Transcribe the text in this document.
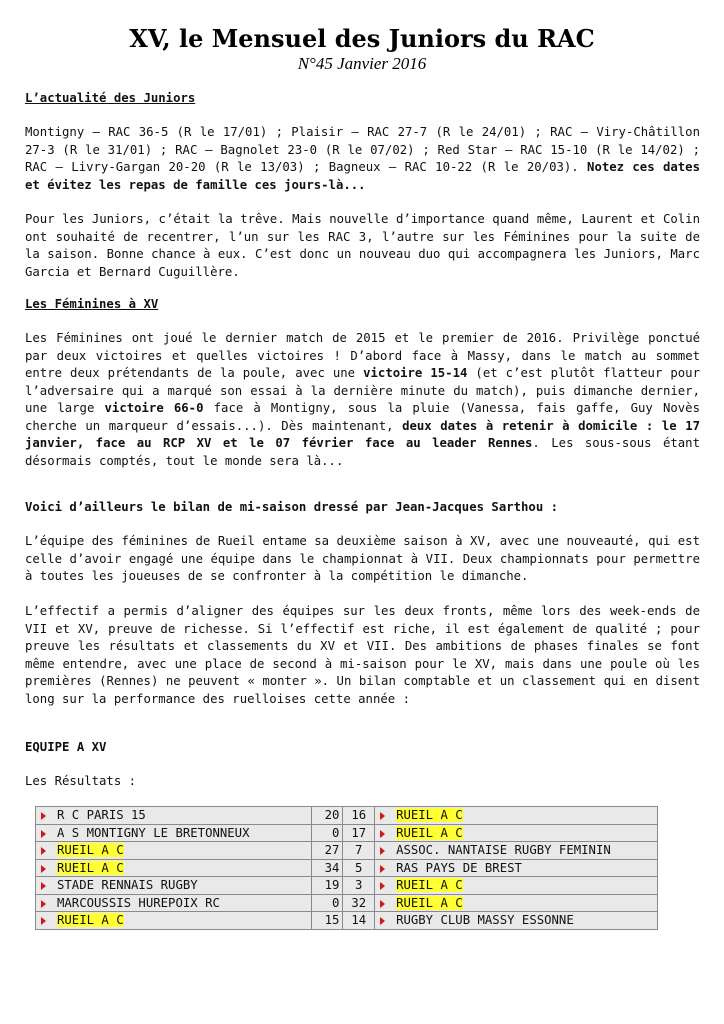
XV, le Mensuel des Juniors du RAC
N°45 Janvier 2016

L’actualité des Juniors

Montigny – RAC 36-5 (R le 17/01) ; Plaisir – RAC 27-7 (R le 24/01) ; RAC – Viry-Châtillon 27-3 (R le 31/01) ; RAC – Bagnolet 23-0 (R le 07/02) ; Red Star – RAC 15-10 (R le 14/02) ; RAC – Livry-Gargan 20-20 (R le 13/03) ; Bagneux – RAC 10-22 (R le 20/03). Notez ces dates et évitez les repas de famille ces jours-là...

Pour les Juniors, c’était la trêve. Mais nouvelle d’importance quand même, Laurent et Colin ont souhaité de recentrer, l’un sur les RAC 3, l’autre sur les Féminines pour la suite de la saison. Bonne chance à eux. C’est donc un nouveau duo qui accompagnera les Juniors, Marc Garcia et Bernard Cuguillère.

Les Féminines à XV

Les Féminines ont joué le dernier match de 2015 et le premier de 2016. Privilège ponctué par deux victoires et quelles victoires ! D’abord face à Massy, dans le match au sommet entre deux prétendants de la poule, avec une victoire 15-14 (et c’est plutôt flatteur pour l’adversaire qui a marqué son essai à la dernière minute du match), puis dimanche dernier, une large victoire 66-0 face à Montigny, sous la pluie (Vanessa, fais gaffe, Guy Novès cherche un marqueur d’essais...). Dès maintenant, deux dates à retenir à domicile : le 17 janvier, face au RCP XV et le 07 février face au leader Rennes. Les sous-sous étant désormais comptés, tout le monde sera là...

Voici d’ailleurs le bilan de mi-saison dressé par Jean-Jacques Sarthou :

L’équipe des féminines de Rueil entame sa deuxième saison à XV, avec une nouveauté, qui est celle d’avoir engagé une équipe dans le championnat à VII. Deux championnats pour permettre à toutes les joueuses de se confronter à la compétition le dimanche.

L’effectif a permis d’aligner des équipes sur les deux fronts, même lors des week-ends de VII et XV, preuve de richesse. Si l’effectif est riche, il est également de qualité ; pour preuve les résultats et classements du XV et VII. Des ambitions de phases finales se font même entendre, avec une place de second à mi-saison pour le XV, mais dans une poule où les premières (Rennes) ne peuvent « monter ». Un bilan comptable et un classement qui en disent long sur la performance des ruelloises cette année :

EQUIPE A XV

Les Résultats :

R C PARIS 15	20	16	RUEIL A C
A S MONTIGNY LE BRETONNEUX	0	17	RUEIL A C
RUEIL A C	27	7	ASSOC. NANTAISE RUGBY FEMININ
RUEIL A C	34	5	RAS PAYS DE BREST
STADE RENNAIS RUGBY	19	3	RUEIL A C
MARCOUSSIS HUREPOIX RC	0	32	RUEIL A C
RUEIL A C	15	14	RUGBY CLUB MASSY ESSONNE
